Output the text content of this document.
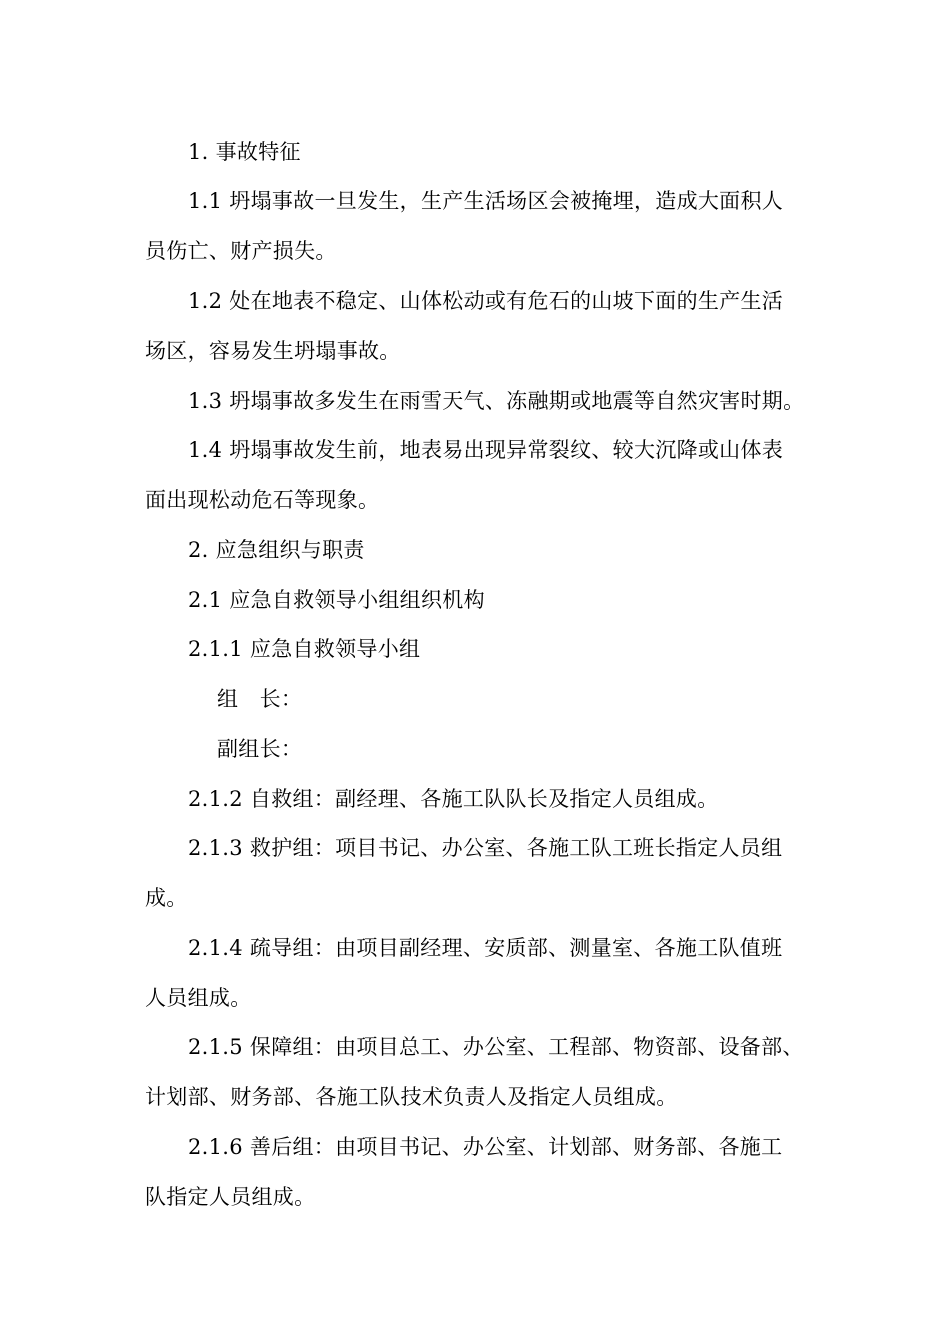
1. 事故特征
1.1 坍塌事故一旦发生，生产生活场区会被掩埋，造成大面积人
员伤亡、财产损失。
1.2 处在地表不稳定、山体松动或有危石的山坡下面的生产生活
场区，容易发生坍塌事故。
1.3 坍塌事故多发生在雨雪天气、冻融期或地震等自然灾害时期。
1.4 坍塌事故发生前，地表易出现异常裂纹、较大沉降或山体表
面出现松动危石等现象。
2. 应急组织与职责
2.1 应急自救领导小组组织机构
2.1.1 应急自救领导小组
组　长：
副组长：
2.1.2 自救组：副经理、各施工队队长及指定人员组成。
2.1.3 救护组：项目书记、办公室、各施工队工班长指定人员组
成。
2.1.4 疏导组：由项目副经理、安质部、测量室、各施工队值班
人员组成。
2.1.5 保障组：由项目总工、办公室、工程部、物资部、设备部、
计划部、财务部、各施工队技术负责人及指定人员组成。
2.1.6 善后组：由项目书记、办公室、计划部、财务部、各施工
队指定人员组成。
